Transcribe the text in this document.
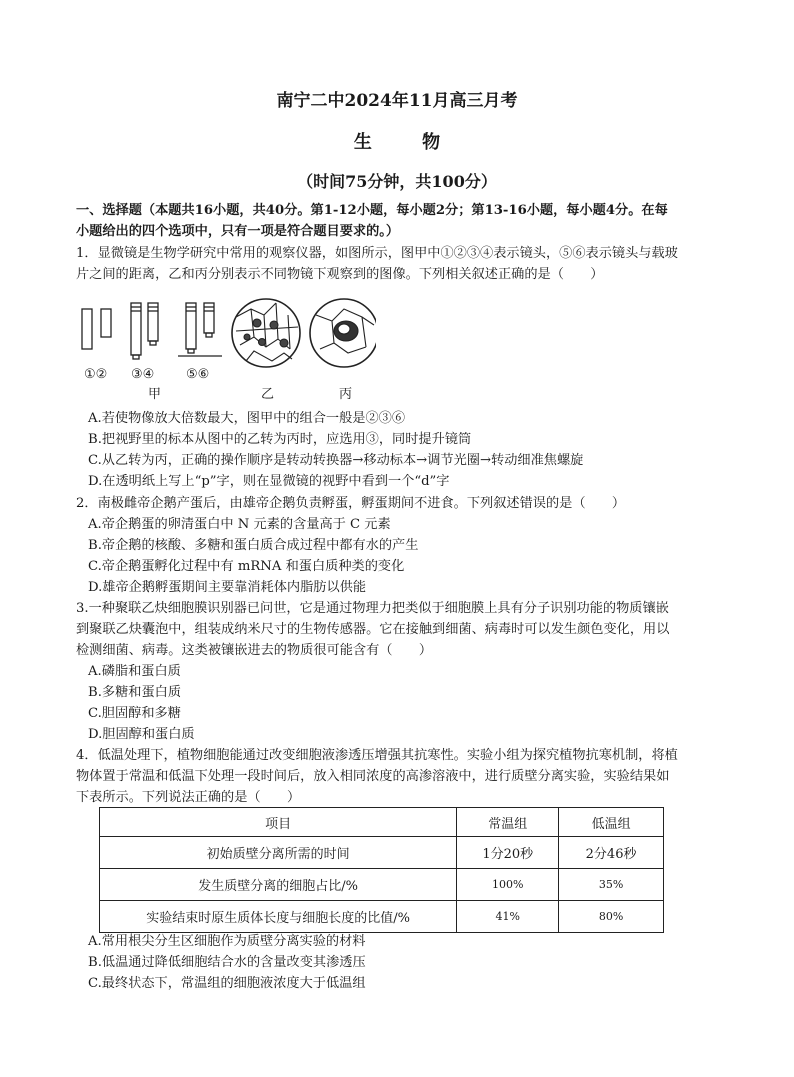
南宁二中2024年11月高三月考
生 物
（时间75分钟，共100分）
一、选择题（本题共16小题，共40分。第1-12小题，每小题2分；第13-16小题，每小题4分。在每
小题给出的四个选项中，只有一项是符合题目要求的。）
1．显微镜是生物学研究中常用的观察仪器，如图所示，图甲中①②③④表示镜头，⑤⑥表示镜头与载玻
片之间的距离，乙和丙分别表示不同物镜下观察到的图像。下列相关叙述正确的是（　　）
①② ③④ ⑤⑥
甲	乙	丙
A.若使物像放大倍数最大，图甲中的组合一般是②③⑥
B.把视野里的标本从图中的乙转为丙时，应选用③，同时提升镜筒
C.从乙转为丙，正确的操作顺序是转动转换器→移动标本→调节光圈→转动细准焦螺旋
D.在透明纸上写上“p”字，则在显微镜的视野中看到一个“d”字
2．南极雌帝企鹅产蛋后，由雄帝企鹅负责孵蛋，孵蛋期间不进食。下列叙述错误的是（　　）
A.帝企鹅蛋的卵清蛋白中 N 元素的含量高于 C 元素
B.帝企鹅的核酸、多糖和蛋白质合成过程中都有水的产生
C.帝企鹅蛋孵化过程中有 mRNA 和蛋白质种类的变化
D.雄帝企鹅孵蛋期间主要靠消耗体内脂肪以供能
3.一种聚联乙炔细胞膜识别器已问世，它是通过物理力把类似于细胞膜上具有分子识别功能的物质镶嵌
到聚联乙炔囊泡中，组装成纳米尺寸的生物传感器。它在接触到细菌、病毒时可以发生颜色变化，用以
检测细菌、病毒。这类被镶嵌进去的物质很可能含有（　　）
A.磷脂和蛋白质
B.多糖和蛋白质
C.胆固醇和多糖
D.胆固醇和蛋白质
4．低温处理下，植物细胞能通过改变细胞液渗透压增强其抗寒性。实验小组为探究植物抗寒机制，将植
物体置于常温和低温下处理一段时间后，放入相同浓度的高渗溶液中，进行质壁分离实验，实验结果如
下表所示。下列说法正确的是（　　）
项目	常温组	低温组
初始质壁分离所需的时间	1分20秒	2分46秒
发生质壁分离的细胞占比/%	100%	35%
实验结束时原生质体长度与细胞长度的比值/%	41%	80%
A.常用根尖分生区细胞作为质壁分离实验的材料
B.低温通过降低细胞结合水的含量改变其渗透压
C.最终状态下，常温组的细胞液浓度大于低温组
